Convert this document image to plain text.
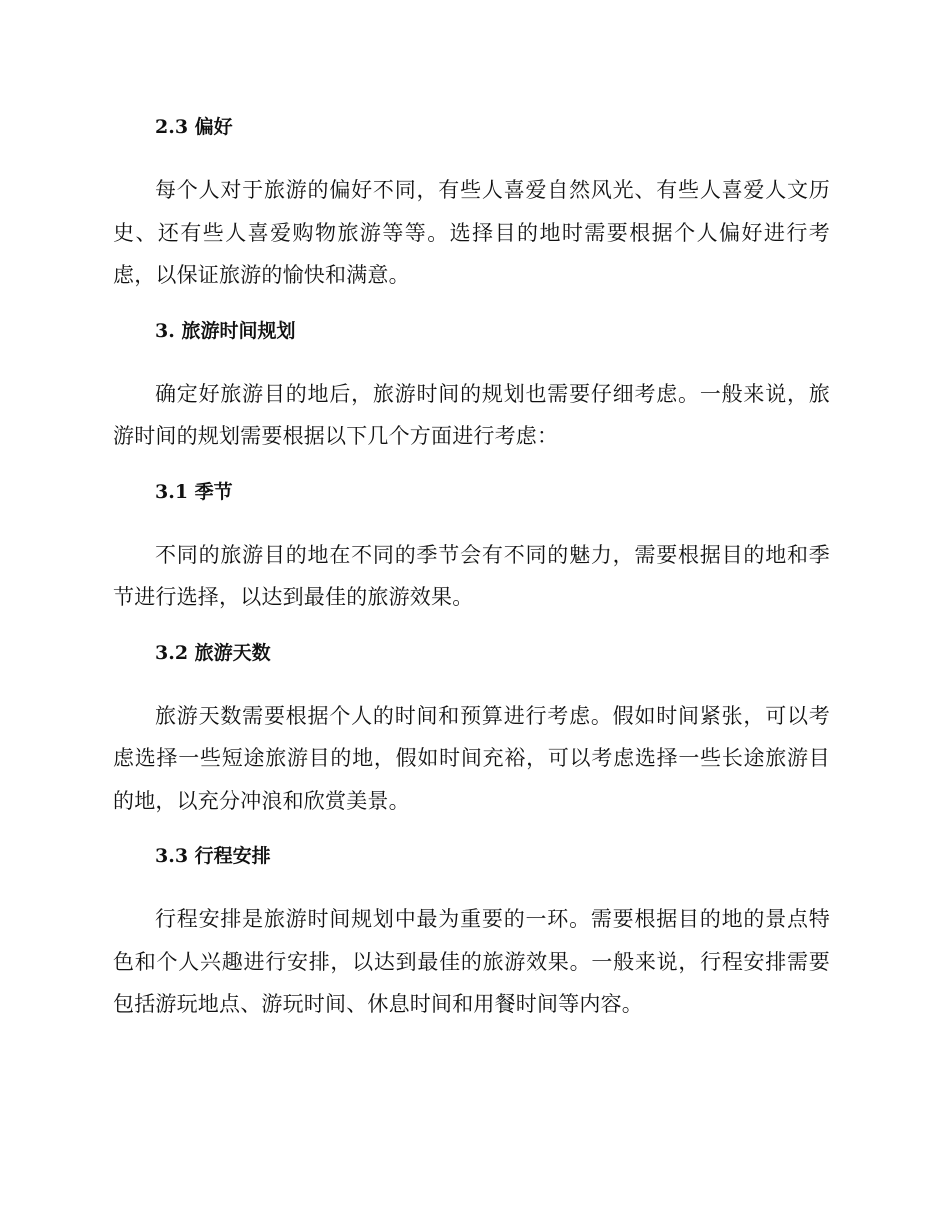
2.3 偏好

每个人对于旅游的偏好不同，有些人喜爱自然风光、有些人喜爱人文历史、还有些人喜爱购物旅游等等。选择目的地时需要根据个人偏好进行考虑，以保证旅游的愉快和满意。

3. 旅游时间规划

确定好旅游目的地后，旅游时间的规划也需要仔细考虑。一般来说，旅游时间的规划需要根据以下几个方面进行考虑：

3.1 季节

不同的旅游目的地在不同的季节会有不同的魅力，需要根据目的地和季节进行选择，以达到最佳的旅游效果。

3.2 旅游天数

旅游天数需要根据个人的时间和预算进行考虑。假如时间紧张，可以考虑选择一些短途旅游目的地，假如时间充裕，可以考虑选择一些长途旅游目的地，以充分冲浪和欣赏美景。

3.3 行程安排

行程安排是旅游时间规划中最为重要的一环。需要根据目的地的景点特色和个人兴趣进行安排，以达到最佳的旅游效果。一般来说，行程安排需要包括游玩地点、游玩时间、休息时间和用餐时间等内容。
